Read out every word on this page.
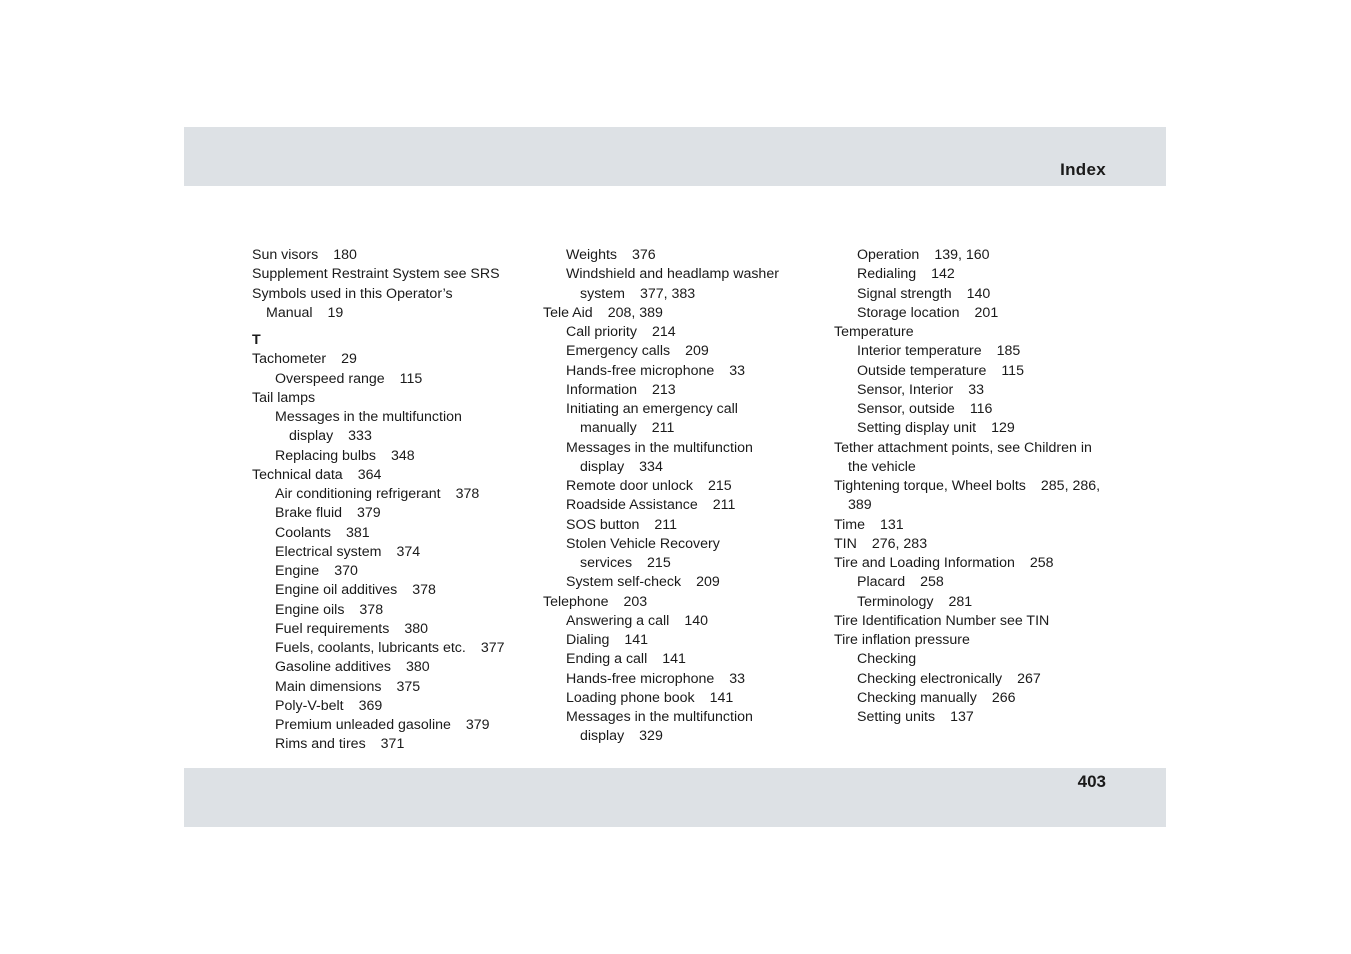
Index
Sun visors 180
Supplement Restraint System see SRS
Symbols used in this Operator’s
Manual 19
T
Tachometer 29
Overspeed range 115
Tail lamps
Messages in the multifunction
display 333
Replacing bulbs 348
Technical data 364
Air conditioning refrigerant 378
Brake fluid 379
Coolants 381
Electrical system 374
Engine 370
Engine oil additives 378
Engine oils 378
Fuel requirements 380
Fuels, coolants, lubricants etc. 377
Gasoline additives 380
Main dimensions 375
Poly-V-belt 369
Premium unleaded gasoline 379
Rims and tires 371
Weights 376
Windshield and headlamp washer
system 377, 383
Tele Aid 208, 389
Call priority 214
Emergency calls 209
Hands-free microphone 33
Information 213
Initiating an emergency call
manually 211
Messages in the multifunction
display 334
Remote door unlock 215
Roadside Assistance 211
SOS button 211
Stolen Vehicle Recovery
services 215
System self-check 209
Telephone 203
Answering a call 140
Dialing 141
Ending a call 141
Hands-free microphone 33
Loading phone book 141
Messages in the multifunction
display 329
Operation 139, 160
Redialing 142
Signal strength 140
Storage location 201
Temperature
Interior temperature 185
Outside temperature 115
Sensor, Interior 33
Sensor, outside 116
Setting display unit 129
Tether attachment points, see Children in
the vehicle
Tightening torque, Wheel bolts 285, 286,
389
Time 131
TIN 276, 283
Tire and Loading Information 258
Placard 258
Terminology 281
Tire Identification Number see TIN
Tire inflation pressure
Checking
Checking electronically 267
Checking manually 266
Setting units 137
403
